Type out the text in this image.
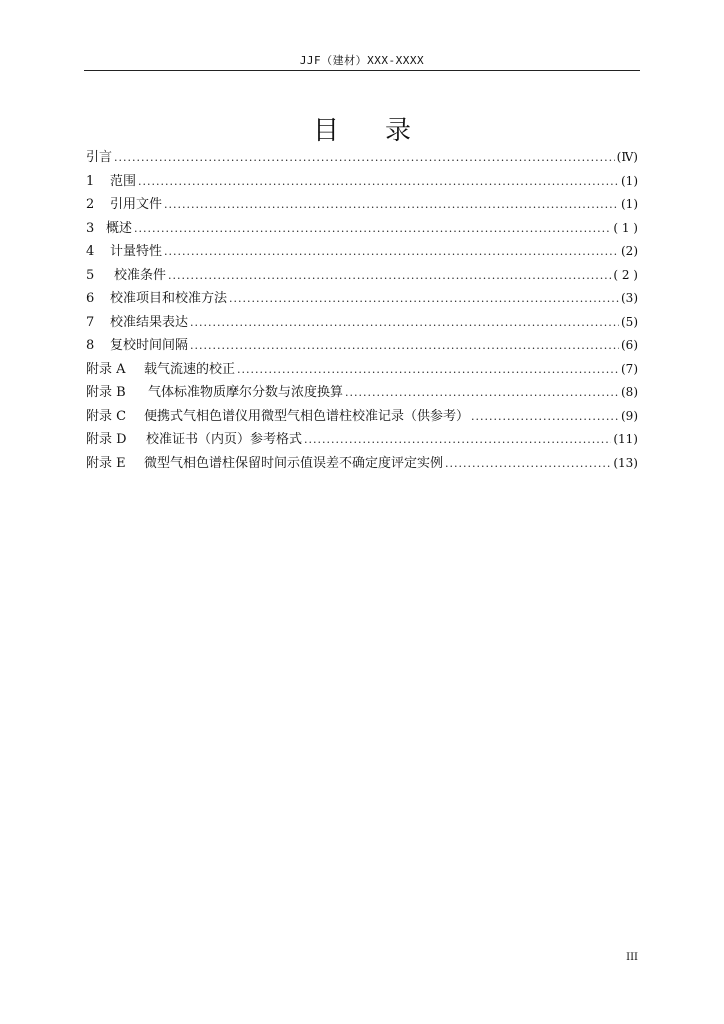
JJF（建材）XXX-XXXX
目录
引言 .....	(Ⅳ)
1	范围 .....	(1)
2	引用文件 .....	(1)
3 概述 .....	( 1 )
4	计量特性 .....	(2)
5	校准条件 .....	( 2 )
6	校准项目和校准方法 .....	(3)
7	校准结果表达 .....	(5)
8	复校时间间隔 .....	(6)
附录 A	载气流速的校正 .....	(7)
附录 B	气体标准物质摩尔分数与浓度换算 .....	(8)
附录 C	便携式气相色谱仪用微型气相色谱柱校准记录（供参考） .....	(9)
附录 D	校准证书（内页）参考格式 .....	(11)
附录 E	微型气相色谱柱保留时间示值误差不确定度评定实例 .....	(13)
III
